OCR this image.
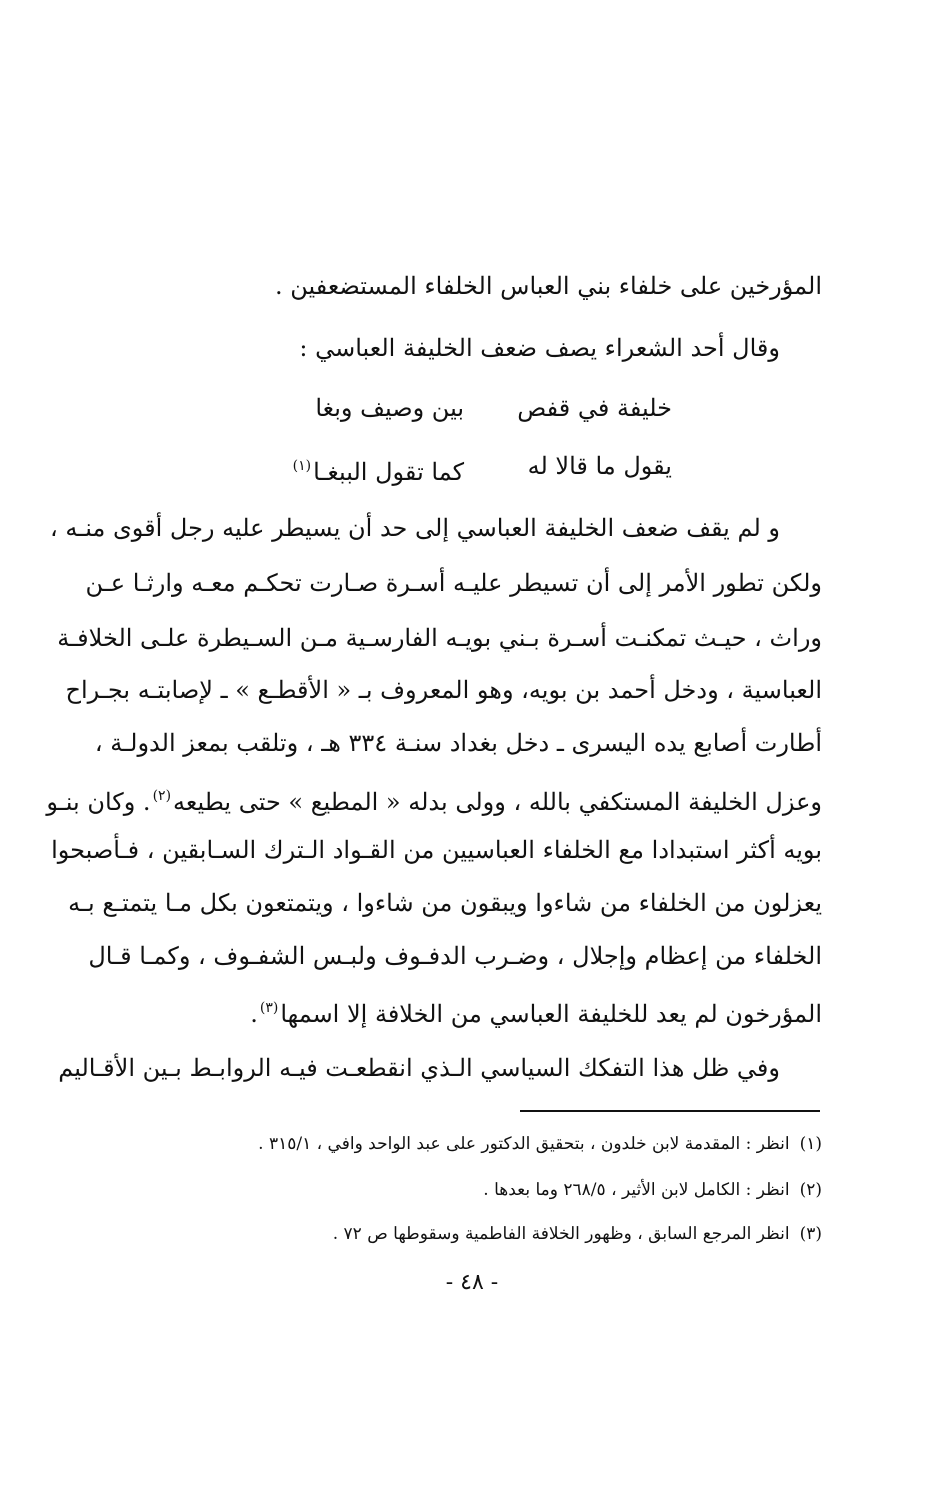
المؤرخين على خلفاء بني العباس الخلفاء المستضعفين .
وقال أحد الشعراء يصف ضعف الخليفة العباسي :
خليفة في قفص
بين وصيف وبغا
يقول ما قالا له
كما تقول الببغـا$^{(١)}$
و لم يقف ضعف الخليفة العباسي إلى حد أن يسيطر عليه رجل أقوى منـه ،
ولكن تطور الأمر إلى أن تسيطر عليـه أسـرة صـارت تحكـم معـه وارثـا عـن
وراث ، حيـث تمكنـت أسـرة بـني بويـه الفارسـية مـن السـيطرة علـى الخلافـة
العباسية ، ودخل أحمد بن بويه، وهو المعروف بـ « الأقطـع » ـ لإصابتـه بجـراح
أطارت أصابع يده اليسرى ـ دخل بغداد سنـة ٣٣٤ هـ ، وتلقب بمعز الدولـة ،
وعزل الخليفة المستكفي بالله ، وولى بدله « المطيع » حتى يطيعه$^{(٢)}$. وكان بنـو
بويه أكثر استبدادا مع الخلفاء العباسيين من القـواد الـترك السـابقين ، فـأصبحوا
يعزلون من الخلفاء من شاءوا ويبقون من شاءوا ، ويتمتعون بكل مـا يتمتـع بـه
الخلفاء من إعظام وإجلال ، وضـرب الدفـوف ولبـس الشفـوف ، وكمـا قـال
المؤرخون لم يعد للخليفة العباسي من الخلافة إلا اسمها$^{(٣)}$.
وفي ظل هذا التفكك السياسي الـذي انقطعـت فيـه الروابـط بـين الأقـاليم
(١)انظر : المقدمة لابن خلدون ، بتحقيق الدكتور على عبد الواحد وافي ، ٣١٥/١ .
(٢)انظر : الكامل لابن الأثير ، ٢٦٨/٥ وما بعدها .
(٣)انظر المرجع السابق ، وظهور الخلافة الفاطمية وسقوطها ص ٧٢ .
- ٤٨ -
